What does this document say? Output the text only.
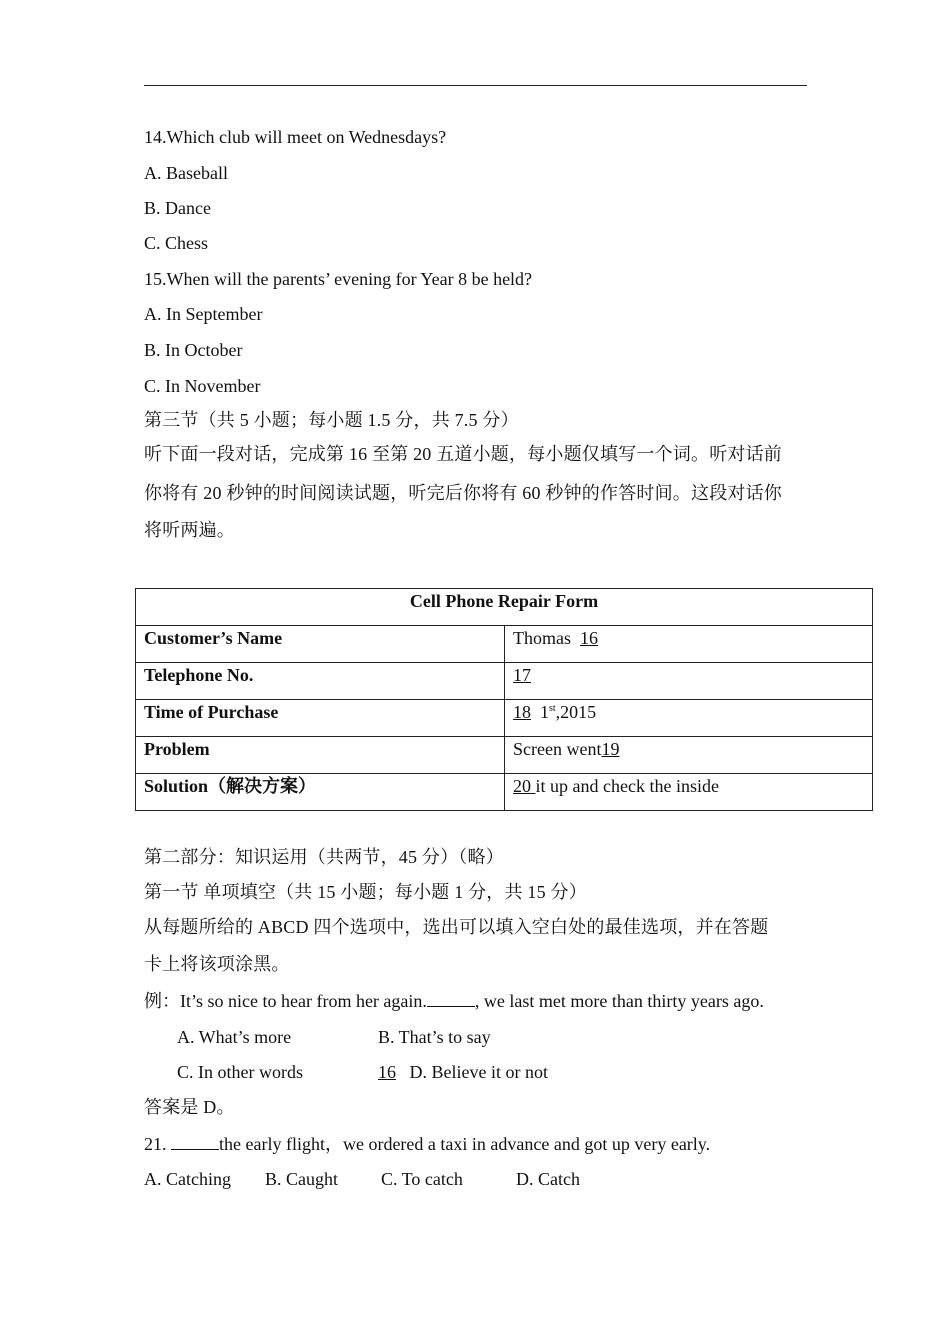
14.Which club will meet on Wednesdays?
A. Baseball
B. Dance
C. Chess
15.When will the parents’ evening for Year 8 be held?
A. In September
B. In October
C. In November
第三节（共 5 小题；每小题 1.5 分，共 7.5 分）
听下面一段对话，完成第 16 至第 20 五道小题，每小题仅填写一个词。听对话前
你将有 20 秒钟的时间阅读试题，听完后你将有 60 秒钟的作答时间。这段对话你
将听两遍。
Cell Phone Repair Form	
Customer’s Name	Thomas 16
Telephone No.	17
Time of Purchase	18 1st,2015
Problem	Screen went19
Solution（解决方案）	20 it up and check the inside
第二部分：知识运用（共两节，45 分）（略）
第一节 单项填空（共 15 小题；每小题 1 分，共 15 分）
从每题所给的 ABCD 四个选项中，选出可以填入空白处的最佳选项，并在答题
卡上将该项涂黑。
例：It’s so nice to hear from her again.	, we last met more than thirty years ago.
A. What’s more	B. That’s to say
C. In other words	16 D. Believe it or not
答案是 D。
21.	the early flight，we ordered a taxi in advance and got up very early.
A. Catching B. Caught C. To catch	D. Catch
